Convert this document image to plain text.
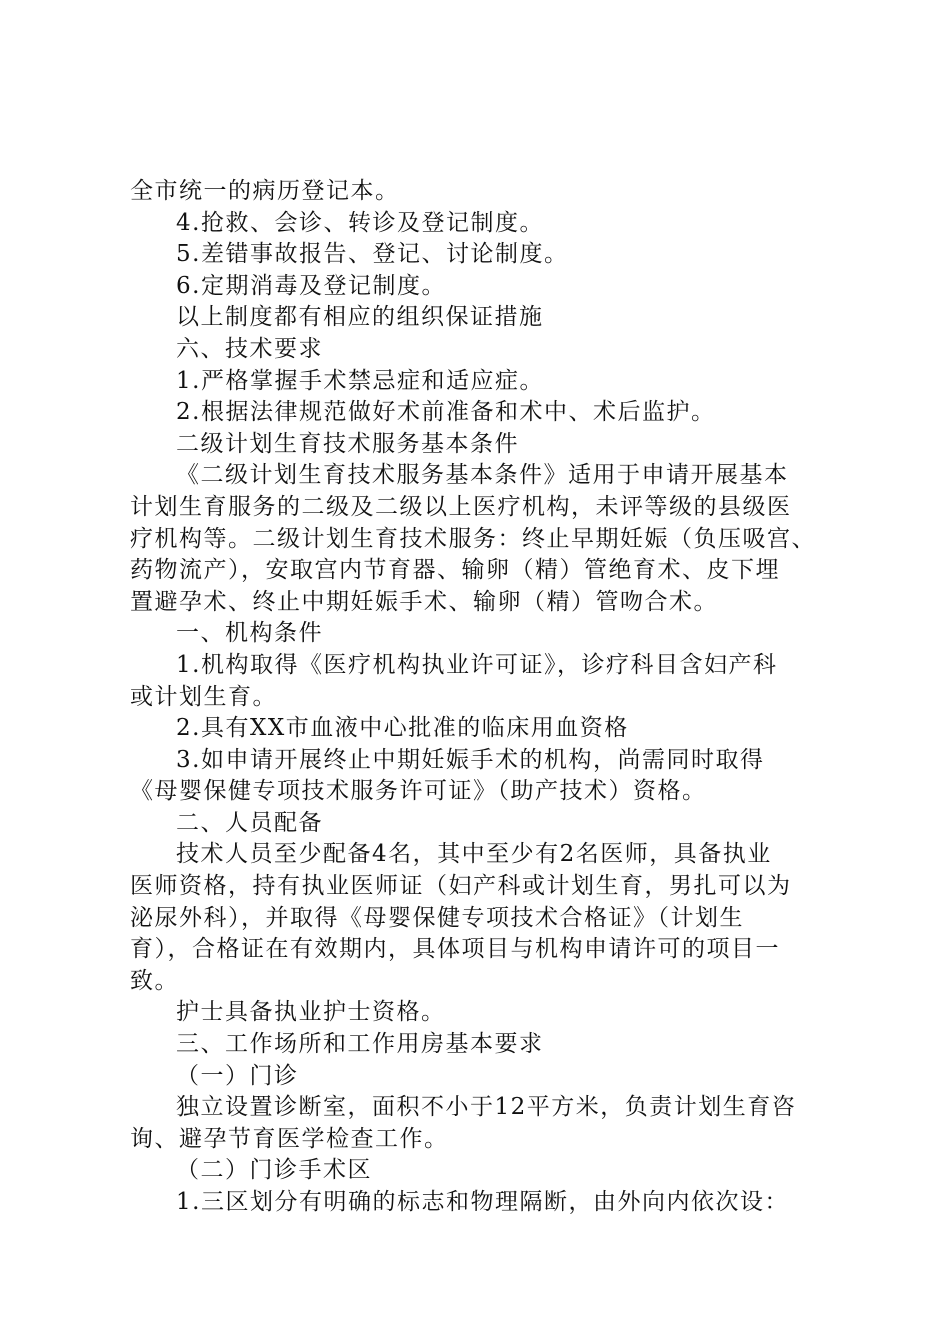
全市统一的病历登记本。
4.抢救、会诊、转诊及登记制度。
5.差错事故报告、登记、讨论制度。
6.定期消毒及登记制度。
以上制度都有相应的组织保证措施
六、技术要求
1.严格掌握手术禁忌症和适应症。
2.根据法律规范做好术前准备和术中、术后监护。
二级计划生育技术服务基本条件
《二级计划生育技术服务基本条件》适用于申请开展基本
计划生育服务的二级及二级以上医疗机构，未评等级的县级医
疗机构等。二级计划生育技术服务：终止早期妊娠（负压吸宫、
药物流产），安取宫内节育器、输卵（精）管绝育术、皮下埋
置避孕术、终止中期妊娠手术、输卵（精）管吻合术。
一、机构条件
1.机构取得《医疗机构执业许可证》，诊疗科目含妇产科
或计划生育。
2.具有XX市血液中心批准的临床用血资格
3.如申请开展终止中期妊娠手术的机构，尚需同时取得
《母婴保健专项技术服务许可证》（助产技术）资格。
二、人员配备
技术人员至少配备4名，其中至少有2名医师，具备执业
医师资格，持有执业医师证（妇产科或计划生育，男扎可以为
泌尿外科），并取得《母婴保健专项技术合格证》（计划生
育），合格证在有效期内，具体项目与机构申请许可的项目一
致。
护士具备执业护士资格。
三、工作场所和工作用房基本要求
（一）门诊
独立设置诊断室，面积不小于12平方米，负责计划生育咨
询、避孕节育医学检查工作。
（二）门诊手术区
1.三区划分有明确的标志和物理隔断，由外向内依次设：
